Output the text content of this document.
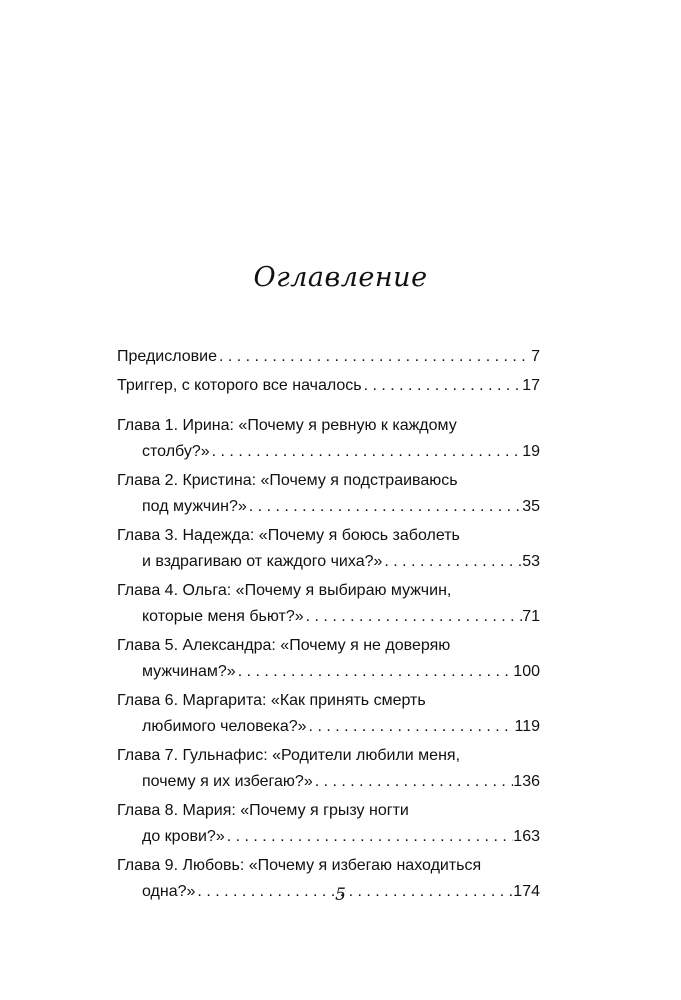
Оглавление
Предисловие . . .	7
Триггер, с которого все началось . . .	17
Глава 1. Ирина: «Почему я ревную к каждому
столбу?» . . .	19
Глава 2. Кристина: «Почему я подстраиваюсь
под мужчин?» . . .	35
Глава 3. Надежда: «Почему я боюсь заболеть
и вздрагиваю от каждого чиха?» . . .	53
Глава 4. Ольга: «Почему я выбираю мужчин,
которые меня бьют?» . . .	71
Глава 5. Александра: «Почему я не доверяю
мужчинам?» . . .	100
Глава 6. Маргарита: «Как принять смерть
любимого человека?» . . .	119
Глава 7. Гульнафис: «Родители любили меня,
почему я их избегаю?» . . .	136
Глава 8. Мария: «Почему я грызу ногти
до крови?» . . .	163
Глава 9. Любовь: «Почему я избегаю находиться
одна?» . . .	174
5
